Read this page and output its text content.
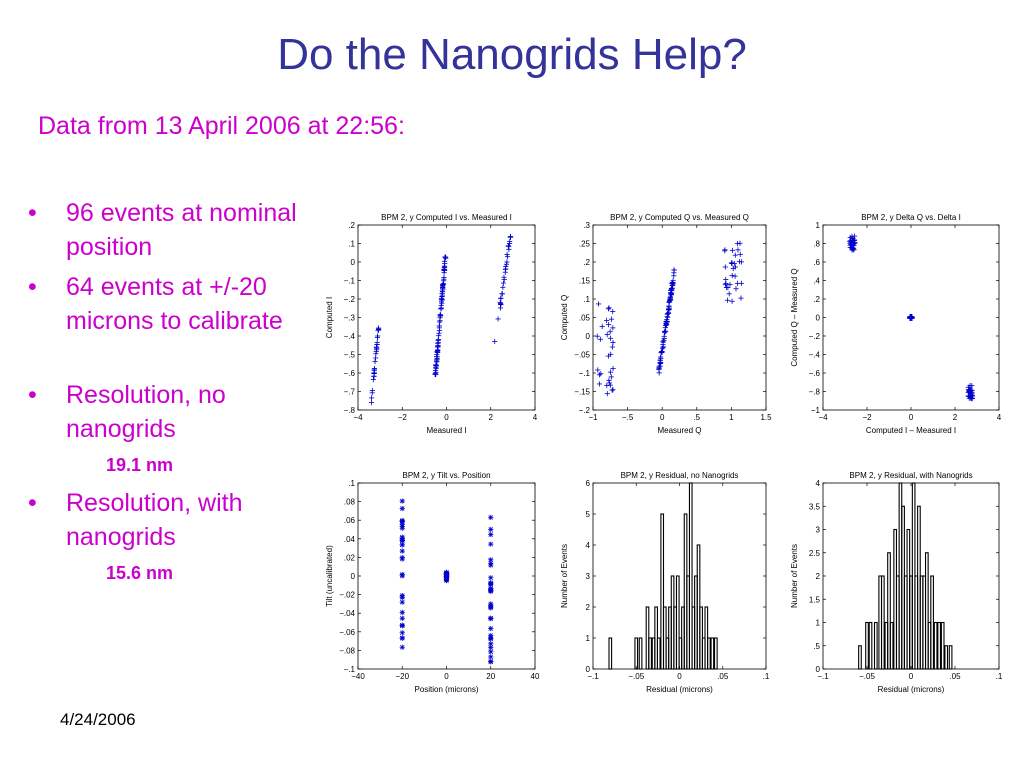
Do the Nanogrids Help?
Data from 13 April 2006 at 22:56:
• 96 events at nominal position
• 64 events at +/-20 microns to calibrate
• Resolution, no nanogrids
19.1 nm
• Resolution, with nanogrids
15.6 nm
4/24/2006
BPM 2, y Computed I vs. Measured I
Measured I
Computed I
−4	−2	0	2	4
−.8
−.7
−.6
−.5
−.4
−.3
−.2
−.1
0
.1
.2
BPM 2, y Computed Q vs. Measured Q
Measured Q
Computed Q
−1	−.5	0	.5	1	1.5
−.2
−.15
−.1
−.05
0
.05
.1
.15
.2
.25
.3
BPM 2, y Delta Q vs. Delta I
Computed I – Measured I
Computed Q – Measured Q
−4	−2	0	2	4
−1
−.8
−.6
−.4
−.2
0
.2
.4
.6
.8
1
BPM 2, y Tilt vs. Position
Position (microns)
Tilt (uncalibrated)
−40	−20	0	20	40
−.1
−.08
−.06
−.04
−.02
0
.02
.04
.06
.08
.1
BPM 2, y Residual, no Nanogrids
Residual (microns)
Number of Events
−.1	−.05	0	.05	.1
0
1
2
3
4
5
6
BPM 2, y Residual, with Nanogrids
Residual (microns)
Number of Events
−.1	−.05	0	.05	.1
0
.5
1
1.5
2
2.5
3
3.5
4
